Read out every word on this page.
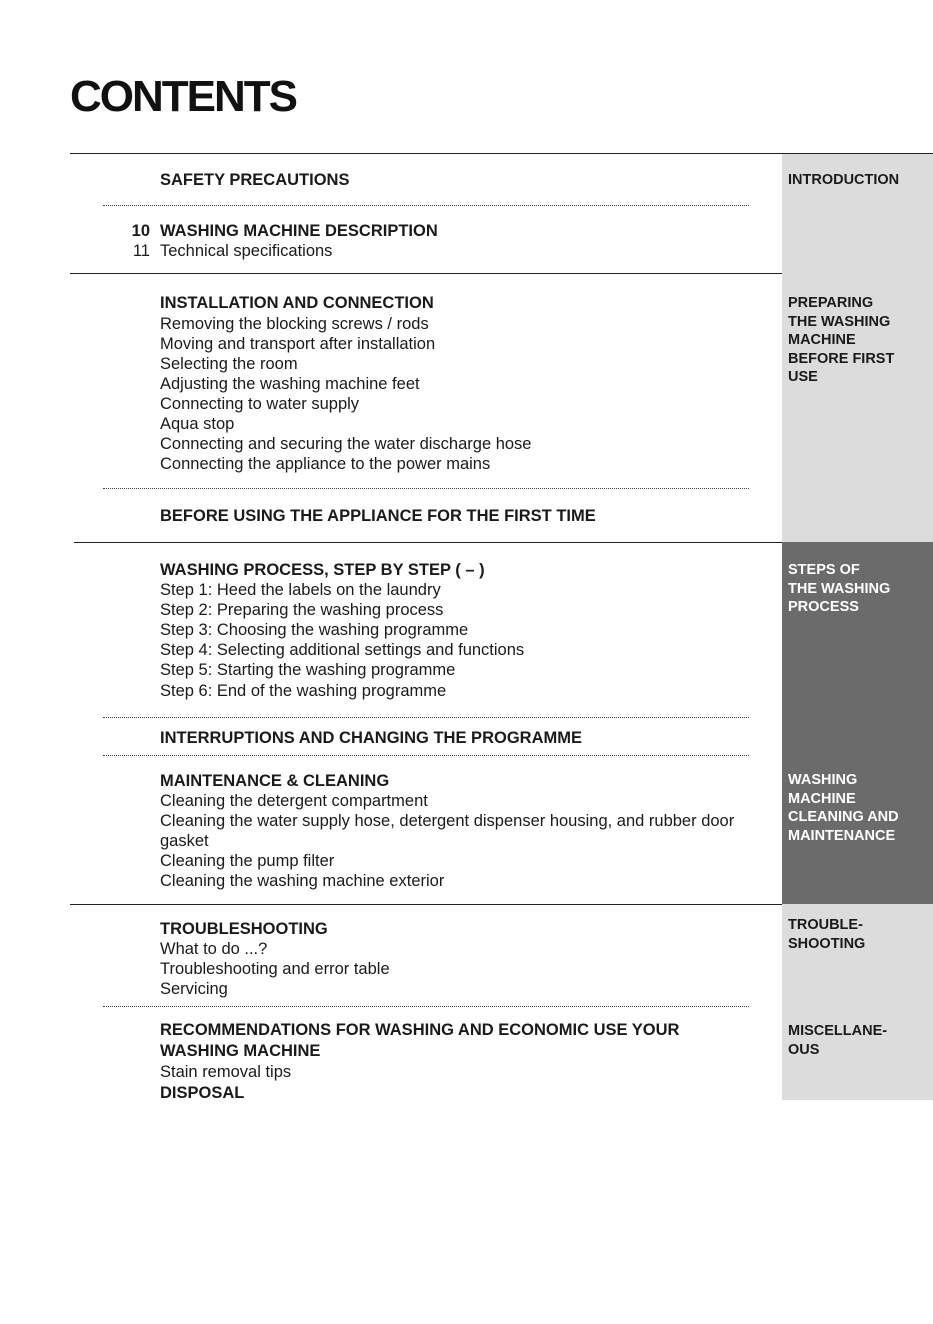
CONTENTS
INTRODUCTION
PREPARING
THE WASHING
MACHINE
BEFORE FIRST
USE
STEPS OF
THE WASHING
PROCESS
WASHING
MACHINE
CLEANING AND
MAINTENANCE
TROUBLE-
SHOOTING
MISCELLANE-
OUS
SAFETY PRECAUTIONS
10 WASHING MACHINE DESCRIPTION
11 Technical specifications
INSTALLATION AND CONNECTION
Removing the blocking screws / rods
Moving and transport after installation
Selecting the room
Adjusting the washing machine feet
Connecting to water supply
Aqua stop
Connecting and securing the water discharge hose
Connecting the appliance to the power mains
BEFORE USING THE APPLIANCE FOR THE FIRST TIME
WASHING PROCESS, STEP BY STEP ( – )
Step 1: Heed the labels on the laundry
Step 2: Preparing the washing process
Step 3: Choosing the washing programme
Step 4: Selecting additional settings and functions
Step 5: Starting the washing programme
Step 6: End of the washing programme
INTERRUPTIONS AND CHANGING THE PROGRAMME
MAINTENANCE & CLEANING
Cleaning the detergent compartment
Cleaning the water supply hose, detergent dispenser housing, and rubber door gasket
Cleaning the pump filter
Cleaning the washing machine exterior
TROUBLESHOOTING
What to do ...?
Troubleshooting and error table
Servicing
RECOMMENDATIONS FOR WASHING AND ECONOMIC USE YOUR WASHING MACHINE
Stain removal tips
DISPOSAL
